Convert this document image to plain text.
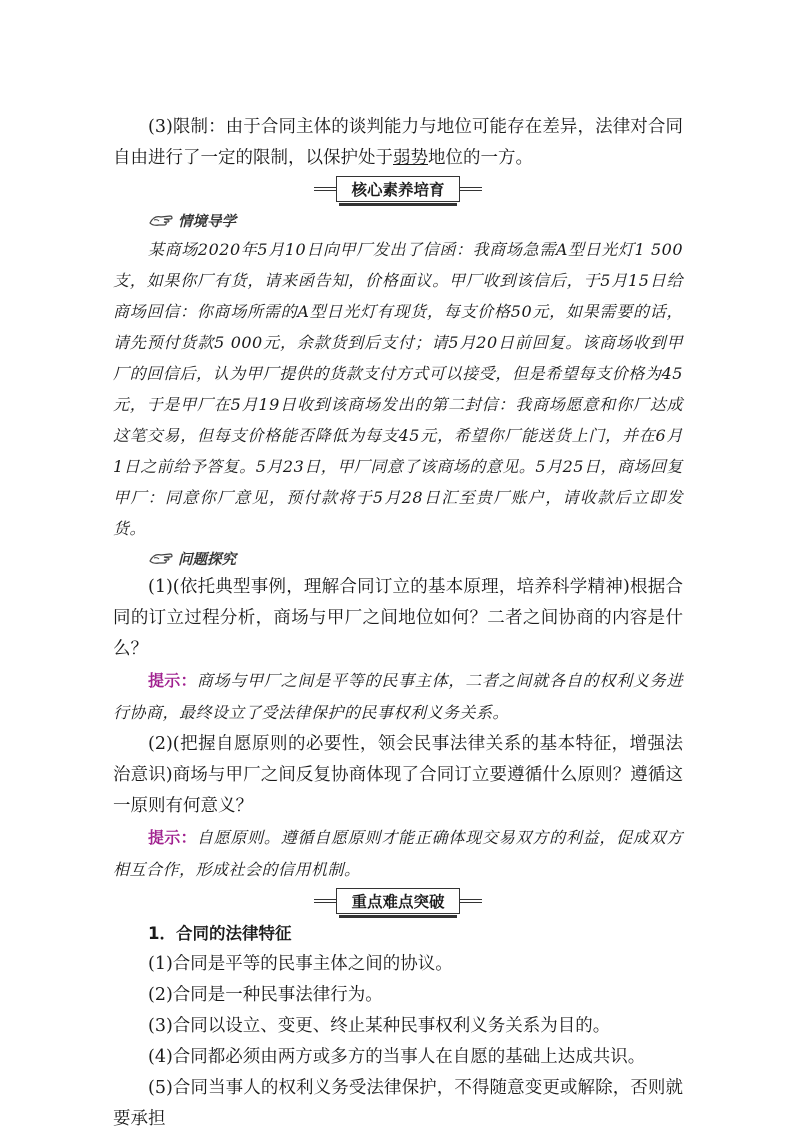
(3)限制：由于合同主体的谈判能力与地位可能存在差异，法律对合同自由进行了一定的限制，以保护处于弱势地位的一方。

核心素养培育
情境导学

某商场2020年5月10日向甲厂发出了信函：我商场急需A型日光灯1 500支，如果你厂有货，请来函告知，价格面议。甲厂收到该信后，于5月15日给商场回信：你商场所需的A型日光灯有现货，每支价格50元，如果需要的话，请先预付货款5 000元，余款货到后支付；请5月20日前回复。该商场收到甲厂的回信后，认为甲厂提供的货款支付方式可以接受，但是希望每支价格为45元，于是甲厂在5月19日收到该商场发出的第二封信：我商场愿意和你厂达成这笔交易，但每支价格能否降低为每支45元，希望你厂能送货上门，并在6月1日之前给予答复。5月23日，甲厂同意了该商场的意见。5月25日，商场回复甲厂：同意你厂意见，预付款将于5月28日汇至贵厂账户，请收款后立即发货。

问题探究

(1)(依托典型事例，理解合同订立的基本原理，培养科学精神)根据合同的订立过程分析，商场与甲厂之间地位如何？二者之间协商的内容是什么？

提示：商场与甲厂之间是平等的民事主体，二者之间就各自的权利义务进行协商，最终设立了受法律保护的民事权利义务关系。

(2)(把握自愿原则的必要性，领会民事法律关系的基本特征，增强法治意识)商场与甲厂之间反复协商体现了合同订立要遵循什么原则？遵循这一原则有何意义？

提示：自愿原则。遵循自愿原则才能正确体现交易双方的利益，促成双方相互合作，形成社会的信用机制。

重点难点突破

1．合同的法律特征

(1)合同是平等的民事主体之间的协议。

(2)合同是一种民事法律行为。

(3)合同以设立、变更、终止某种民事权利义务关系为目的。

(4)合同都必须由两方或多方的当事人在自愿的基础上达成共识。

(5)合同当事人的权利义务受法律保护，不得随意变更或解除，否则就要承担
